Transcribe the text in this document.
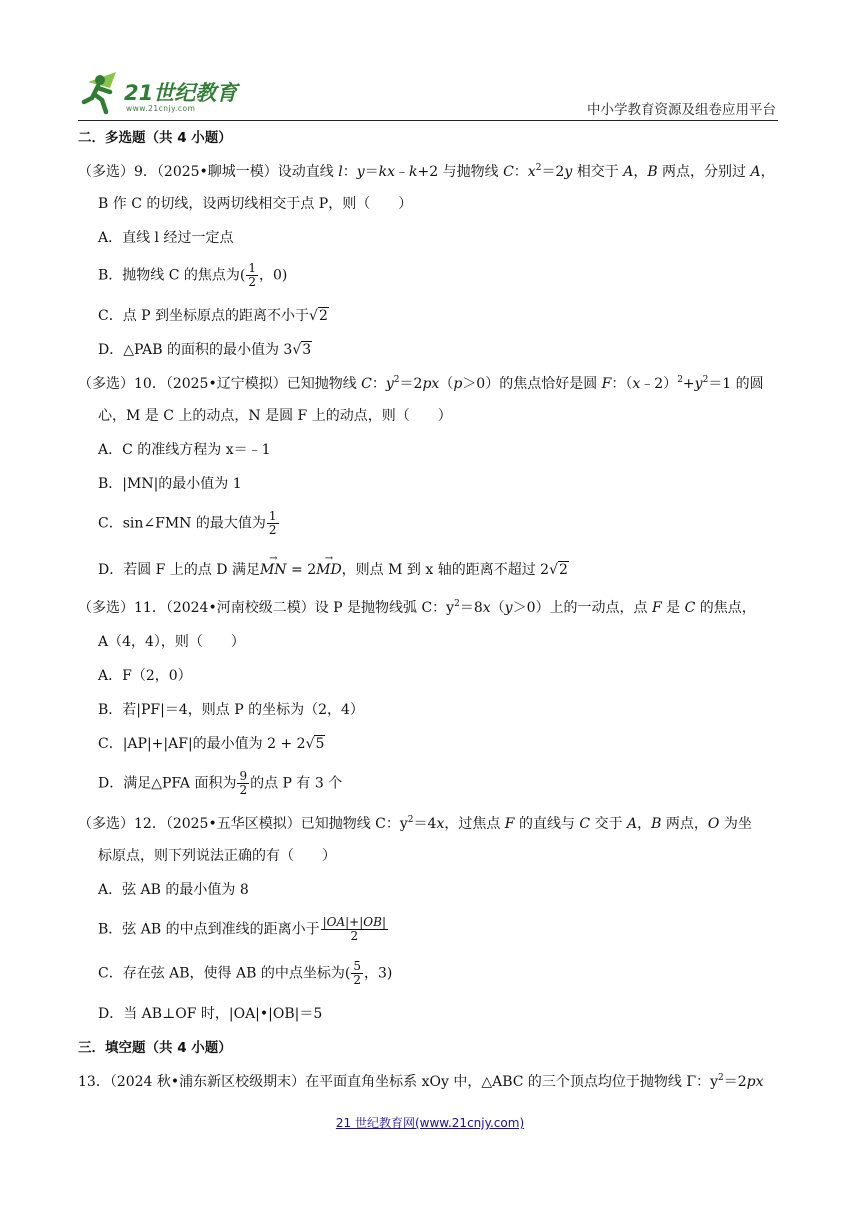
21世纪教育
www.21cnjy.com	中小学教育资源及组卷应用平台
二．多选题（共 4 小题）
（多选）9．（2025•聊城一模）设动直线 l：y＝kx﹣k+2 与抛物线 C：$x^2=2y$ 相交于 A，B 两点，分别过 A，
B 作 C 的切线，设两切线相交于点 P，则（　　）
A．直线 l 经过一定点
B．抛物线 C 的焦点为( $\frac{1}{2}$ ，0)
C．点 P 到坐标原点的距离不小于√2
D．△PAB 的面积的最小值为 3√3
（多选）10．（2025•辽宁模拟）已知抛物线 C：$y^2=2px(p>0)$的焦点恰好是圆 F：$(x﹣2)^2+y^2=1$ 的圆
心，M 是 C 上的动点，N 是圆 F 上的动点，则（　　）
A．C 的准线方程为 x＝﹣1
B．|MN|的最小值为 1
C．sin∠FMN 的最大值为 $\frac{1}{2}$
D．若圆 F 上的点 D 满足→ MN = 2→ MD，则点 M 到 x 轴的距离不超过 2√2
（多选）11．（2024•河南校级二模）设 P 是抛物线弧 C：$y^2=8x(y>0)$上的一动点，点 F 是 C 的焦点，
A（4，4），则（　　）
A．F（2，0）
B．若|PF|＝4，则点 P 的坐标为（2，4）
C．|AP|+|AF|的最小值为 2 + 2√5
D．满足△PFA 面积为 $\frac{9}{2}$ 的点 P 有 3 个
（多选）12．（2025•五华区模拟）已知抛物线 C：$y^2=4x$，过焦点 F 的直线与 C 交于 A，B 两点，O 为坐
标原点，则下列说法正确的有（　　）
A．弦 AB 的最小值为 8
B．弦 AB 的中点到准线的距离小于 $\frac{|OA|+|OB|}{2}$
C．存在弦 AB，使得 AB 的中点坐标为( $\frac{5}{2}$ ，3)
D．当 AB⊥OF 时，|OA|•|OB|＝5
三．填空题（共 4 小题）
13．（2024 秋•浦东新区校级期末）在平面直角坐标系 xOy 中，△ABC 的三个顶点均位于抛物线 Γ：$y^2=2px$
21 世纪教育网(www.21cnjy.com)
